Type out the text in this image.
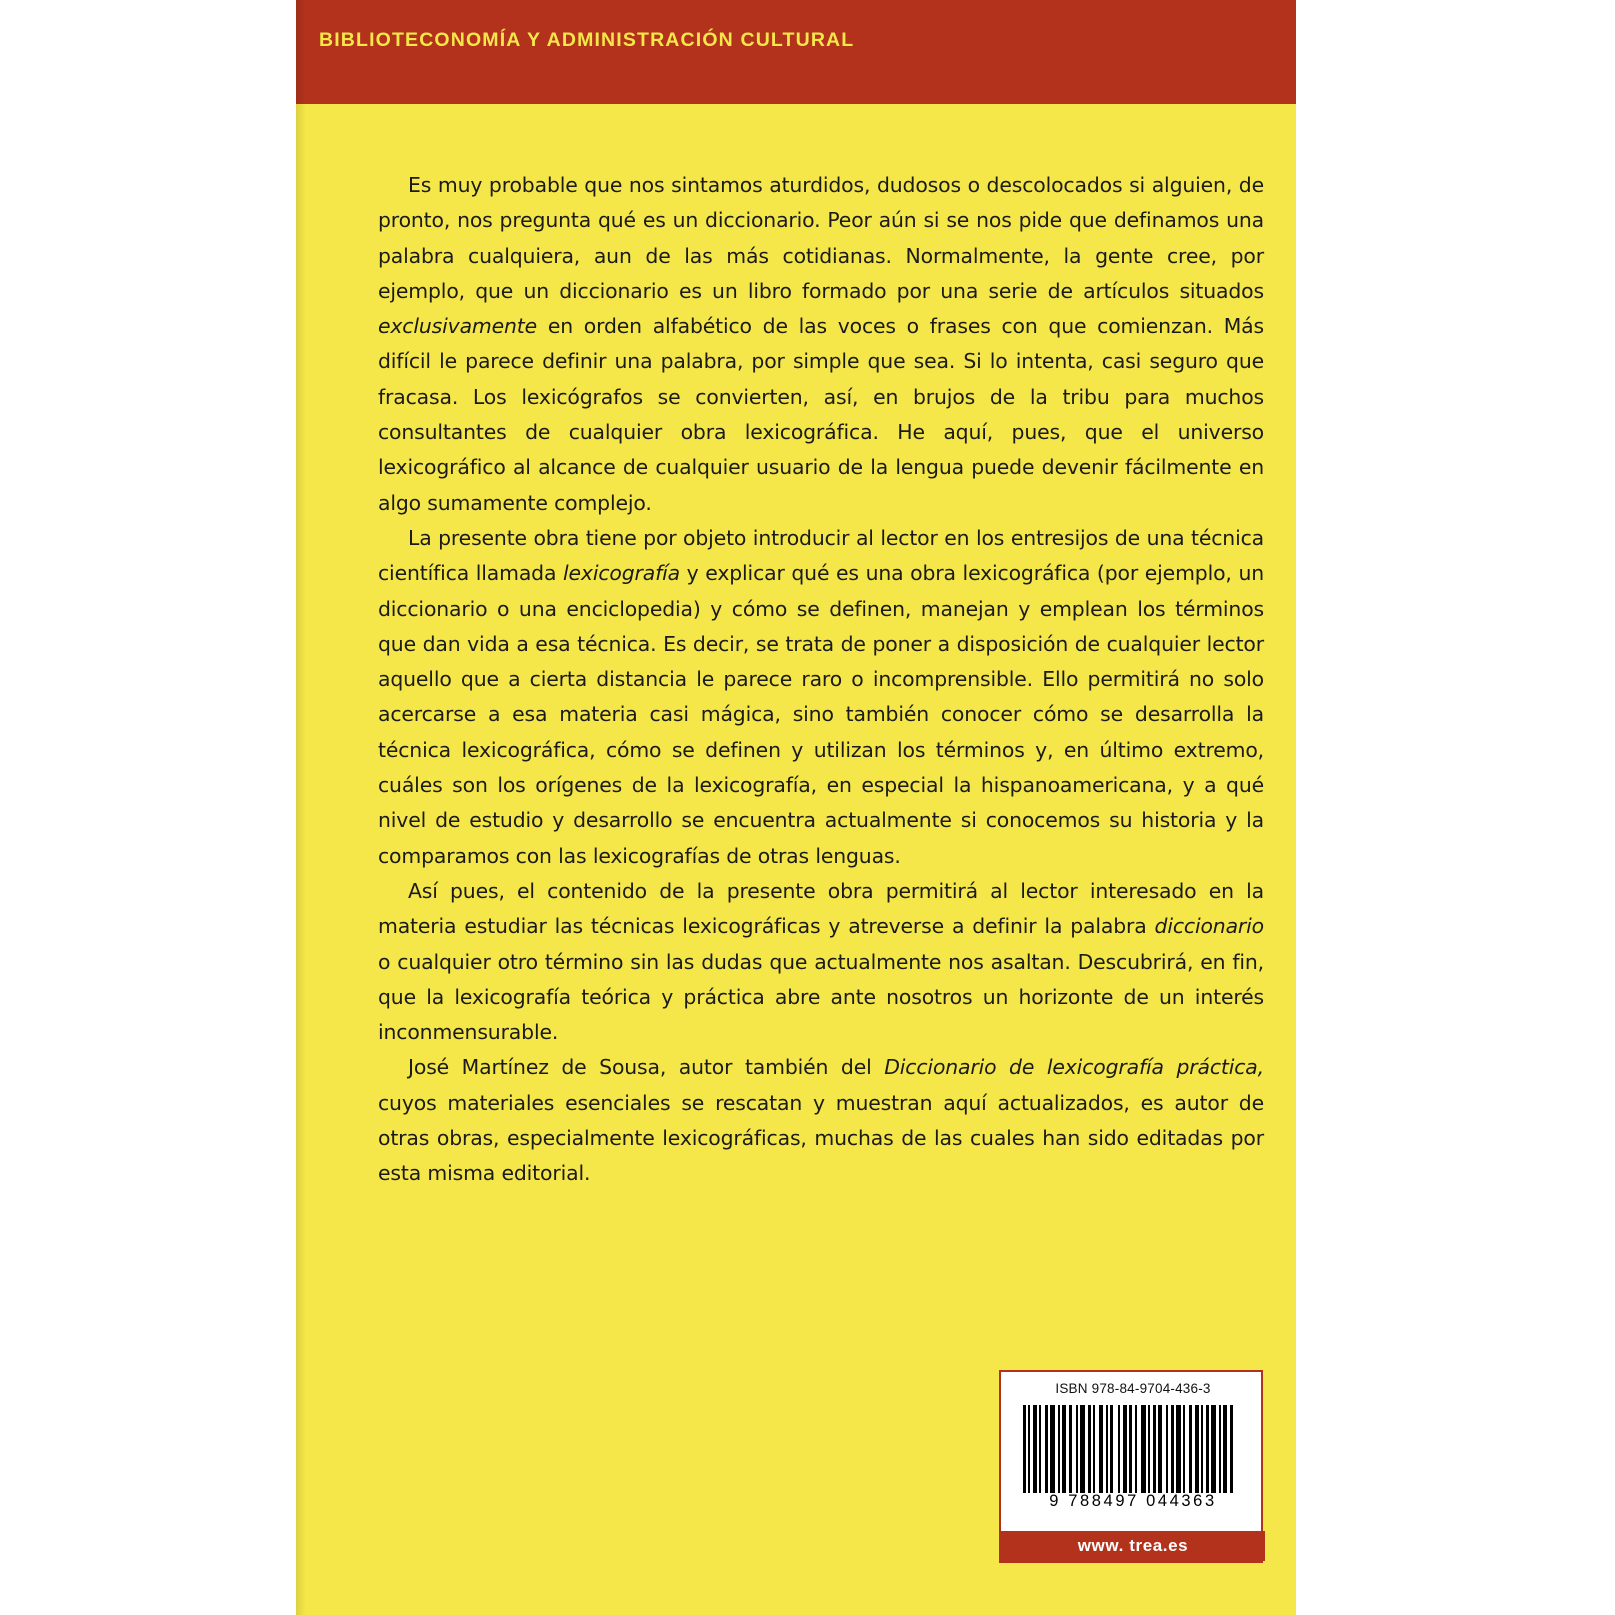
BIBLIOTECONOMÍA Y ADMINISTRACIÓN CULTURAL

Es muy probable que nos sintamos aturdidos, dudosos o descolocados si alguien, de pronto, nos pregunta qué es un diccionario. Peor aún si se nos pide que definamos una palabra cualquiera, aun de las más cotidianas. Normalmente, la gente cree, por ejemplo, que un diccionario es un libro formado por una serie de artículos situados exclusivamente en orden alfabético de las voces o frases con que comienzan. Más difícil le parece definir una palabra, por simple que sea. Si lo intenta, casi seguro que fracasa. Los lexicógrafos se convierten, así, en brujos de la tribu para muchos consultantes de cualquier obra lexicográfica. He aquí, pues, que el universo lexicográfico al alcance de cualquier usuario de la lengua puede devenir fácilmente en algo sumamente complejo.

La presente obra tiene por objeto introducir al lector en los entresijos de una técnica científica llamada lexicografía y explicar qué es una obra lexicográfica (por ejemplo, un diccionario o una enciclopedia) y cómo se definen, manejan y emplean los términos que dan vida a esa técnica. Es decir, se trata de poner a disposición de cualquier lector aquello que a cierta distancia le parece raro o incomprensible. Ello permitirá no solo acercarse a esa materia casi mágica, sino también conocer cómo se desarrolla la técnica lexicográfica, cómo se definen y utilizan los términos y, en último extremo, cuáles son los orígenes de la lexicografía, en especial la hispanoamericana, y a qué nivel de estudio y desarrollo se encuentra actualmente si conocemos su historia y la comparamos con las lexicografías de otras lenguas.

Así pues, el contenido de la presente obra permitirá al lector interesado en la materia estudiar las técnicas lexicográficas y atreverse a definir la palabra diccionario o cualquier otro término sin las dudas que actualmente nos asaltan. Descubrirá, en fin, que la lexicografía teórica y práctica abre ante nosotros un horizonte de un interés inconmensurable.

José Martínez de Sousa, autor también del Diccionario de lexicografía práctica, cuyos materiales esenciales se rescatan y muestran aquí actualizados, es autor de otras obras, especialmente lexicográficas, muchas de las cuales han sido editadas por esta misma editorial.

ISBN 978-84-9704-436-3
9 788497 044363
www. trea.es
